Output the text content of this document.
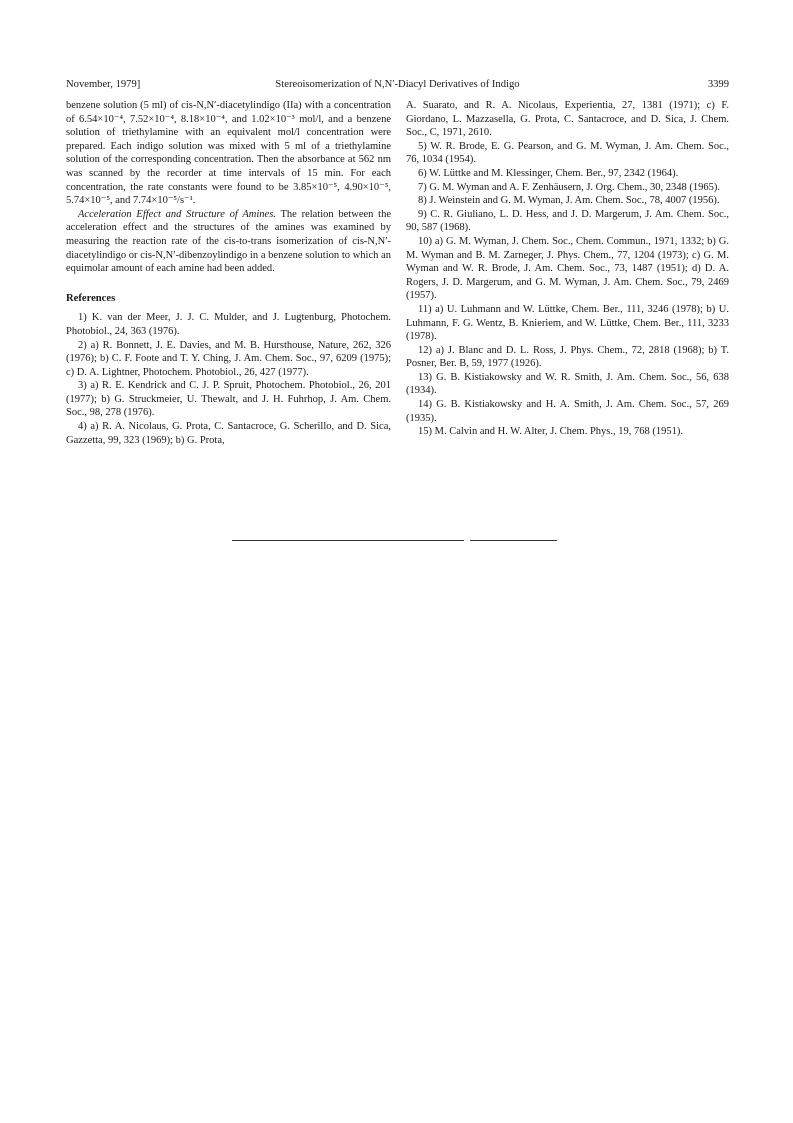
November, 1979]	Stereoisomerization of N,N′-Diacyl Derivatives of Indigo	3399

benzene solution (5 ml) of cis-N,N′-diacetylindigo (IIa) with a concentration of 6.54×10⁻⁴, 7.52×10⁻⁴, 8.18×10⁻⁴, and 1.02×10⁻³ mol/l, and a benzene solution of triethylamine with an equivalent mol/l concentration were prepared. Each indigo solution was mixed with 5 ml of a triethylamine solution of the corresponding concentration. Then the absorbance at 562 nm was scanned by the recorder at time intervals of 15 min. For each concentration, the rate constants were found to be 3.85×10⁻⁵, 4.90×10⁻⁵, 5.74×10⁻⁵, and 7.74×10⁻⁵/s⁻¹.

Acceleration Effect and Structure of Amines. The relation between the acceleration effect and the structures of the amines was examined by measuring the reaction rate of the cis-to-trans isomerization of cis-N,N′-diacetylindigo or cis-N,N′-dibenzoylindigo in a benzene solution to which an equimolar amount of each amine had been added.

References

1) K. van der Meer, J. J. C. Mulder, and J. Lugtenburg, Photochem. Photobiol., 24, 363 (1976).

2) a) R. Bonnett, J. E. Davies, and M. B. Hursthouse, Nature, 262, 326 (1976); b) C. F. Foote and T. Y. Ching, J. Am. Chem. Soc., 97, 6209 (1975); c) D. A. Lightner, Photochem. Photobiol., 26, 427 (1977).

3) a) R. E. Kendrick and C. J. P. Spruit, Photochem. Photobiol., 26, 201 (1977); b) G. Struckmeier, U. Thewalt, and J. H. Fuhrhop, J. Am. Chem. Soc., 98, 278 (1976).

4) a) R. A. Nicolaus, G. Prota, C. Santacroce, G. Scherillo, and D. Sica, Gazzetta, 99, 323 (1969); b) G. Prota,

A. Suarato, and R. A. Nicolaus, Experientia, 27, 1381 (1971); c) F. Giordano, L. Mazzasella, G. Prota, C. Santacroce, and D. Sica, J. Chem. Soc., C, 1971, 2610.

5) W. R. Brode, E. G. Pearson, and G. M. Wyman, J. Am. Chem. Soc., 76, 1034 (1954).

6) W. Lüttke and M. Klessinger, Chem. Ber., 97, 2342 (1964).

7) G. M. Wyman and A. F. Zenhäusern, J. Org. Chem., 30, 2348 (1965).

8) J. Weinstein and G. M. Wyman, J. Am. Chem. Soc., 78, 4007 (1956).

9) C. R. Giuliano, L. D. Hess, and J. D. Margerum, J. Am. Chem. Soc., 90, 587 (1968).

10) a) G. M. Wyman, J. Chem. Soc., Chem. Commun., 1971, 1332; b) G. M. Wyman and B. M. Zarneger, J. Phys. Chem., 77, 1204 (1973); c) G. M. Wyman and W. R. Brode, J. Am. Chem. Soc., 73, 1487 (1951); d) D. A. Rogers, J. D. Margerum, and G. M. Wyman, J. Am. Chem. Soc., 79, 2469 (1957).

11) a) U. Luhmann and W. Lüttke, Chem. Ber., 111, 3246 (1978); b) U. Luhmann, F. G. Wentz, B. Knieriem, and W. Lüttke, Chem. Ber., 111, 3233 (1978).

12) a) J. Blanc and D. L. Ross, J. Phys. Chem., 72, 2818 (1968); b) T. Posner, Ber. B, 59, 1977 (1926).

13) G. B. Kistiakowsky and W. R. Smith, J. Am. Chem. Soc., 56, 638 (1934).

14) G. B. Kistiakowsky and H. A. Smith, J. Am. Chem. Soc., 57, 269 (1935).

15) M. Calvin and H. W. Alter, J. Chem. Phys., 19, 768 (1951).
